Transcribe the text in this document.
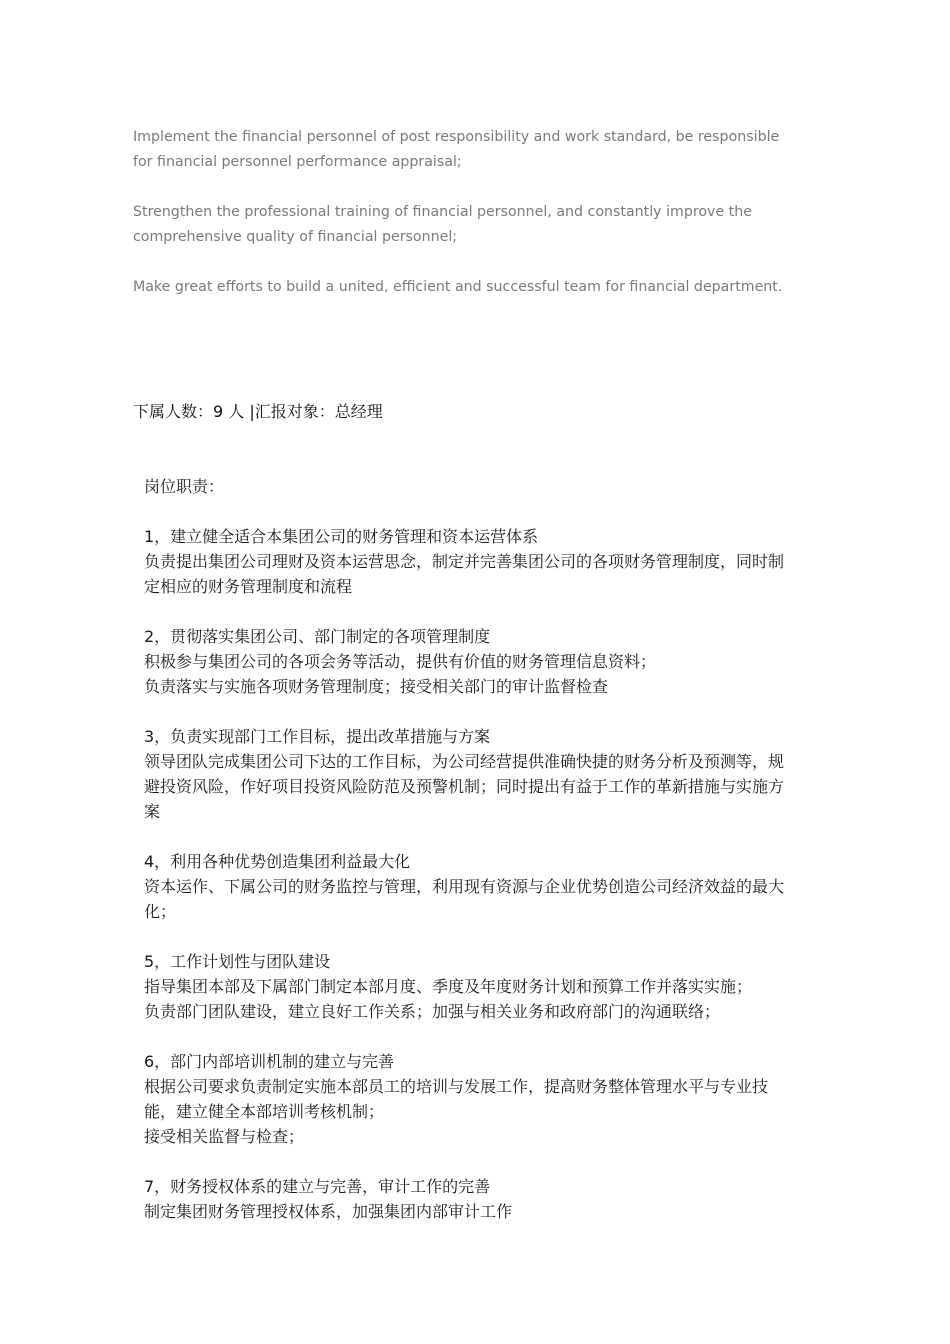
Implement the financial personnel of post responsibility and work standard, be responsible
for financial personnel performance appraisal;

Strengthen the professional training of financial personnel, and constantly improve the
comprehensive quality of financial personnel;

Make great efforts to build a united, efficient and successful team for financial department.

下属人数：9 人 |汇报对象：总经理
岗位职责：
1，建立健全适合本集团公司的财务管理和资本运营体系
负责提出集团公司理财及资本运营思念，制定并完善集团公司的各项财务管理制度，同时制
定相应的财务管理制度和流程
2，贯彻落实集团公司、部门制定的各项管理制度
积极参与集团公司的各项会务等活动，提供有价值的财务管理信息资料；
负责落实与实施各项财务管理制度；接受相关部门的审计监督检查
3，负责实现部门工作目标，提出改革措施与方案
领导团队完成集团公司下达的工作目标，为公司经营提供准确快捷的财务分析及预测等，规
避投资风险，作好项目投资风险防范及预警机制；同时提出有益于工作的革新措施与实施方
案
4，利用各种优势创造集团利益最大化
资本运作、下属公司的财务监控与管理，利用现有资源与企业优势创造公司经济效益的最大
化；
5，工作计划性与团队建设
指导集团本部及下属部门制定本部月度、季度及年度财务计划和预算工作并落实实施；
负责部门团队建设，建立良好工作关系；加强与相关业务和政府部门的沟通联络；
6，部门内部培训机制的建立与完善
根据公司要求负责制定实施本部员工的培训与发展工作，提高财务整体管理水平与专业技
能，建立健全本部培训考核机制；
接受相关监督与检查；
7，财务授权体系的建立与完善，审计工作的完善
制定集团财务管理授权体系，加强集团内部审计工作
